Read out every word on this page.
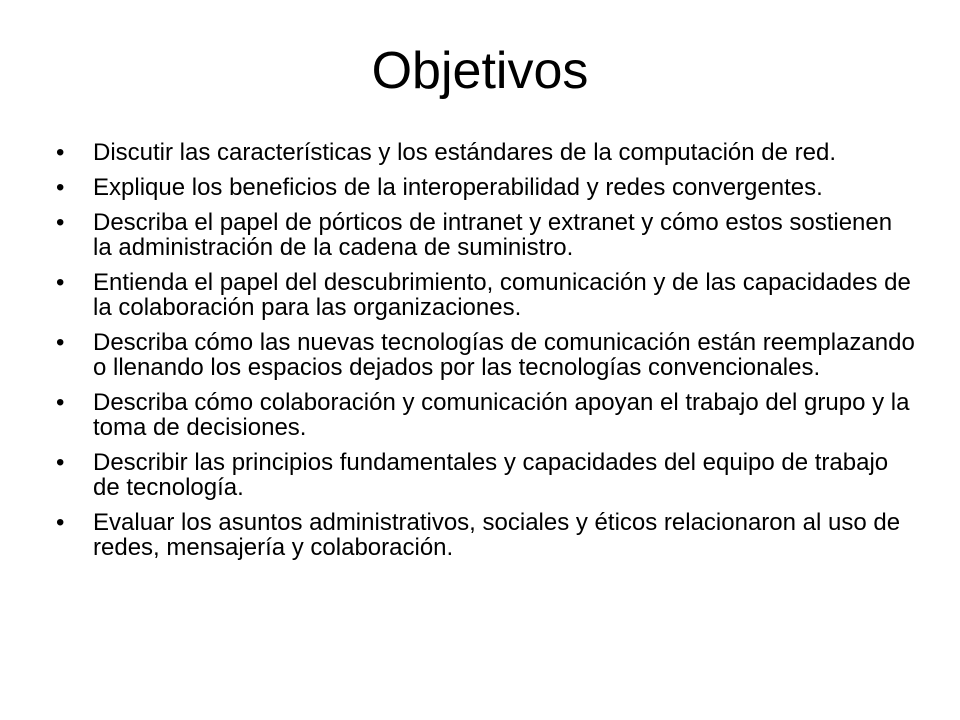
Objetivos
•	Discutir las características y los estándares de la computación de red.
•	Explique los beneficios de la interoperabilidad y redes convergentes.
•	Describa el papel de pórticos de intranet y extranet y cómo estos sostienen la administración de la cadena de suministro.
•	Entienda el papel del descubrimiento, comunicación y de las capacidades de la colaboración para las organizaciones.
•	Describa cómo las nuevas tecnologías de comunicación están reemplazando o llenando los espacios dejados por las tecnologías convencionales.
•	Describa cómo colaboración y comunicación apoyan el trabajo del grupo y la toma de decisiones.
•	Describir las principios fundamentales y capacidades del equipo de trabajo de tecnología.
•	Evaluar los asuntos administrativos, sociales y éticos relacionaron al uso de redes, mensajería y colaboración.
